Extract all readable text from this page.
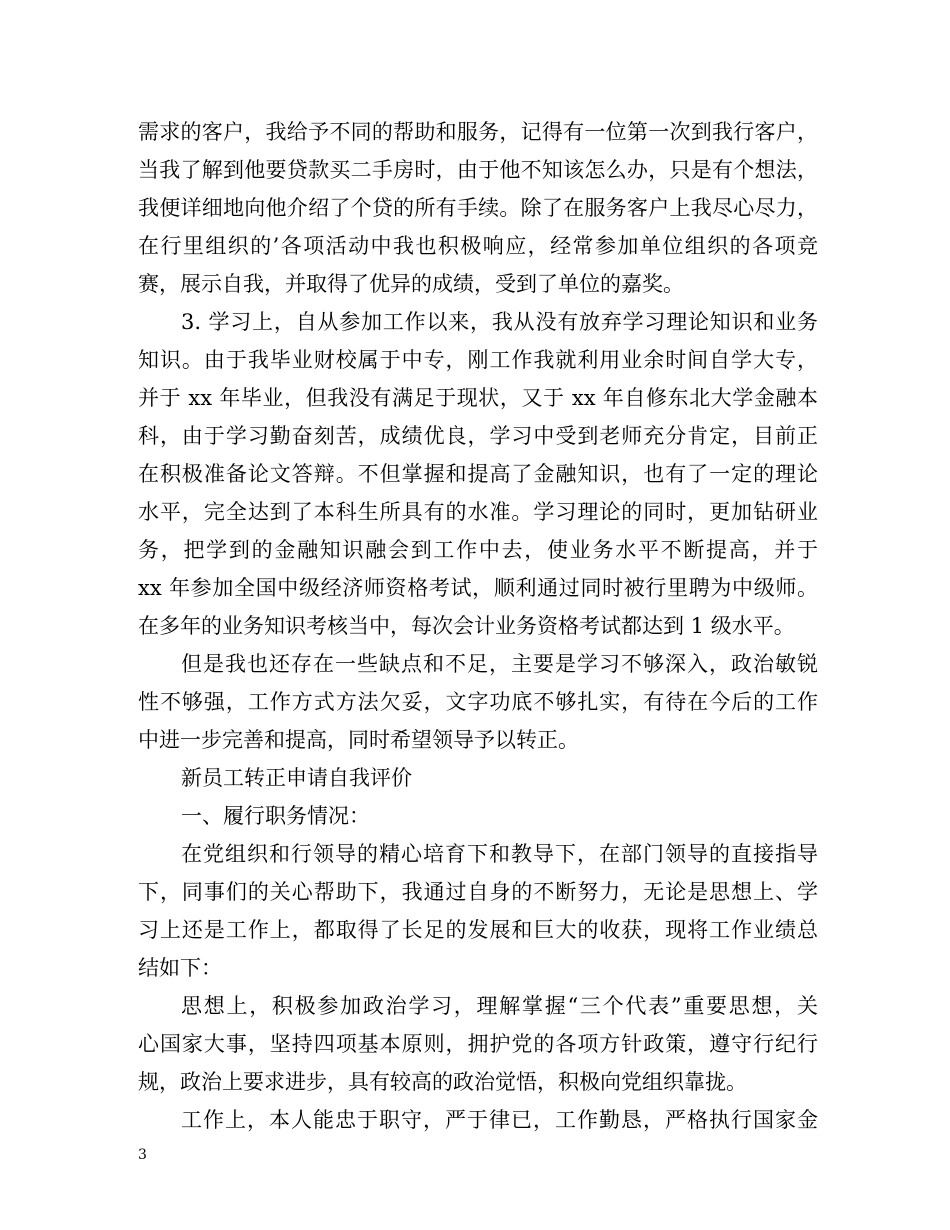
需求的客户，我给予不同的帮助和服务，记得有一位第一次到我行客户，
当我了解到他要贷款买二手房时，由于他不知该怎么办，只是有个想法，
我便详细地向他介绍了个贷的所有手续。除了在服务客户上我尽心尽力，
在行里组织的’各项活动中我也积极响应，经常参加单位组织的各项竞
赛，展示自我，并取得了优异的成绩，受到了单位的嘉奖。
3. 学习上，自从参加工作以来，我从没有放弃学习理论知识和业务
知识。由于我毕业财校属于中专，刚工作我就利用业余时间自学大专，
并于 xx 年毕业，但我没有满足于现状，又于 xx 年自修东北大学金融本
科，由于学习勤奋刻苦，成绩优良，学习中受到老师充分肯定，目前正
在积极准备论文答辩。不但掌握和提高了金融知识，也有了一定的理论
水平，完全达到了本科生所具有的水准。学习理论的同时，更加钻研业
务，把学到的金融知识融会到工作中去，使业务水平不断提高，并于
xx 年参加全国中级经济师资格考试，顺利通过同时被行里聘为中级师。
在多年的业务知识考核当中，每次会计业务资格考试都达到 1 级水平。
但是我也还存在一些缺点和不足，主要是学习不够深入，政治敏锐
性不够强，工作方式方法欠妥，文字功底不够扎实，有待在今后的工作
中进一步完善和提高，同时希望领导予以转正。
新员工转正申请自我评价
一、履行职务情况：
在党组织和行领导的精心培育下和教导下，在部门领导的直接指导
下，同事们的关心帮助下，我通过自身的不断努力，无论是思想上、学
习上还是工作上，都取得了长足的发展和巨大的收获，现将工作业绩总
结如下：
思想上，积极参加政治学习，理解掌握“三个代表”重要思想，关
心国家大事，坚持四项基本原则，拥护党的各项方针政策，遵守行纪行
规，政治上要求进步，具有较高的政治觉悟，积极向党组织靠拢。
工作上，本人能忠于职守，严于律已，工作勤恳，严格执行国家金
3
